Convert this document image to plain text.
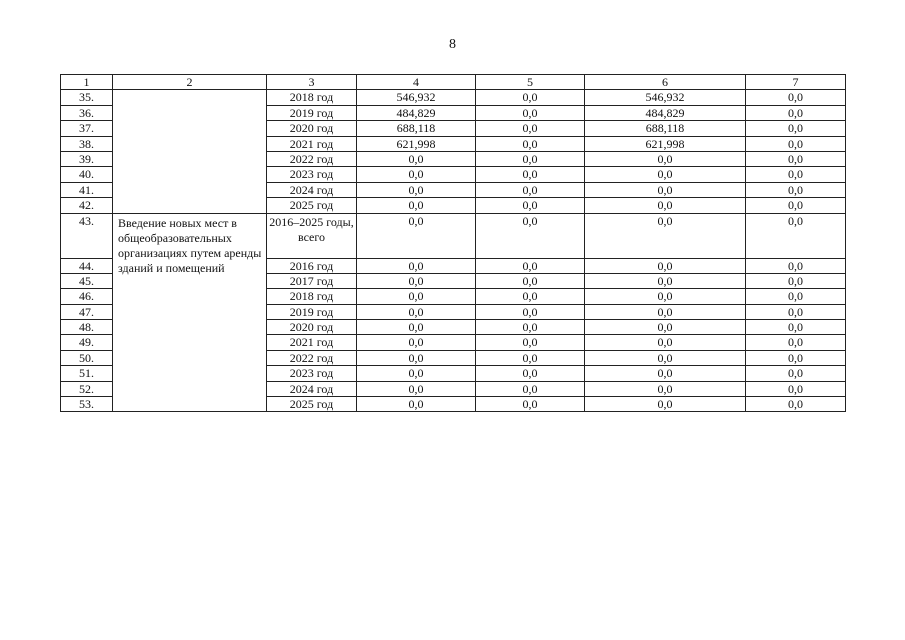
8
1	2	3	4	5	6	7
35.		2018 год	546,932	0,0	546,932	0,0
36.		2019 год	484,829	0,0	484,829	0,0
37.		2020 год	688,118	0,0	688,118	0,0
38.		2021 год	621,998	0,0	621,998	0,0
39.		2022 год	0,0	0,0	0,0	0,0
40.		2023 год	0,0	0,0	0,0	0,0
41.		2024 год	0,0	0,0	0,0	0,0
42.		2025 год	0,0	0,0	0,0	0,0
43.	Введение новых мест в общеобразовательных организациях путем аренды зданий и помещений	2016–2025 годы, всего	0,0	0,0	0,0	0,0
44.		2016 год	0,0	0,0	0,0	0,0
45.		2017 год	0,0	0,0	0,0	0,0
46.		2018 год	0,0	0,0	0,0	0,0
47.		2019 год	0,0	0,0	0,0	0,0
48.		2020 год	0,0	0,0	0,0	0,0
49.		2021 год	0,0	0,0	0,0	0,0
50.		2022 год	0,0	0,0	0,0	0,0
51.		2023 год	0,0	0,0	0,0	0,0
52.		2024 год	0,0	0,0	0,0	0,0
53.		2025 год	0,0	0,0	0,0	0,0
